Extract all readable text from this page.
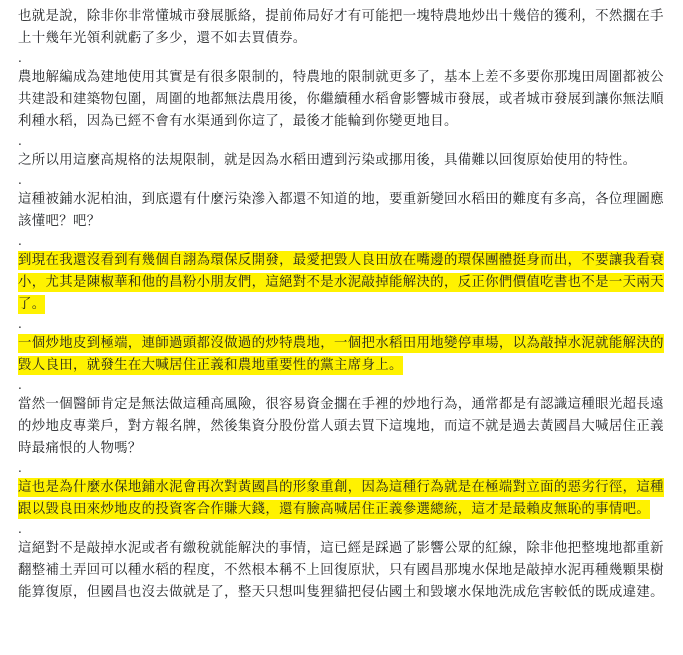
也就是說，除非你非常懂城市發展脈絡，提前佈局好才有可能把一塊特農地炒出十幾倍的獲利，不然擱在手上十幾年光領利就虧了多少，還不如去買債券。

.

農地解編成為建地使用其實是有很多限制的，特農地的限制就更多了，基本上差不多要你那塊田周圍都被公共建設和建築物包圍，周圍的地都無法農用後，你繼續種水稻會影響城市發展，或者城市發展到讓你無法順利種水稻，因為已經不會有水渠通到你這了，最後才能輪到你變更地目。

.

之所以用這麼高規格的法規限制，就是因為水稻田遭到污染或挪用後，具備難以回復原始使用的特性。

.

這種被鋪水泥柏油，到底還有什麼污染滲入都還不知道的地，要重新變回水稻田的難度有多高，各位理圖應該懂吧？吧？

.

到現在我還沒看到有幾個自詡為環保反開發，最愛把毀人良田放在嘴邊的環保團體挺身而出，不要讓我看衰小，尤其是陳椒華和他的昌粉小朋友們，這絕對不是水泥敲掉能解決的，反正你們價值吃書也不是一天兩天了。

.

一個炒地皮到極端，連師過頭都沒做過的炒特農地，一個把水稻田用地變停車場，以為敲掉水泥就能解決的毀人良田，就發生在大喊居住正義和農地重要性的黨主席身上。

.

當然一個醫師肯定是無法做這種高風險，很容易資金擱在手裡的炒地行為，通常都是有認識這種眼光超長遠的炒地皮專業戶，對方報名牌，然後集資分股份當人頭去買下這塊地，而這不就是過去黃國昌大喊居住正義時最痛恨的人物嗎？

.

這也是為什麼水保地鋪水泥會再次對黃國昌的形象重創，因為這種行為就是在極端對立面的惡劣行徑，這種跟以毀良田來炒地皮的投資客合作賺大錢，還有臉高喊居住正義參選總統，這才是最賴皮無恥的事情吧。

.

這絕對不是敲掉水泥或者有繳稅就能解決的事情，這已經是踩過了影響公眾的紅線，除非他把整塊地都重新翻整補土弄回可以種水稻的程度，不然根本稱不上回復原狀，只有國昌那塊水保地是敲掉水泥再種幾顆果樹能算復原，但國昌也沒去做就是了，整天只想叫隻狸貓把侵佔國土和毀壞水保地洗成危害較低的既成違建。
